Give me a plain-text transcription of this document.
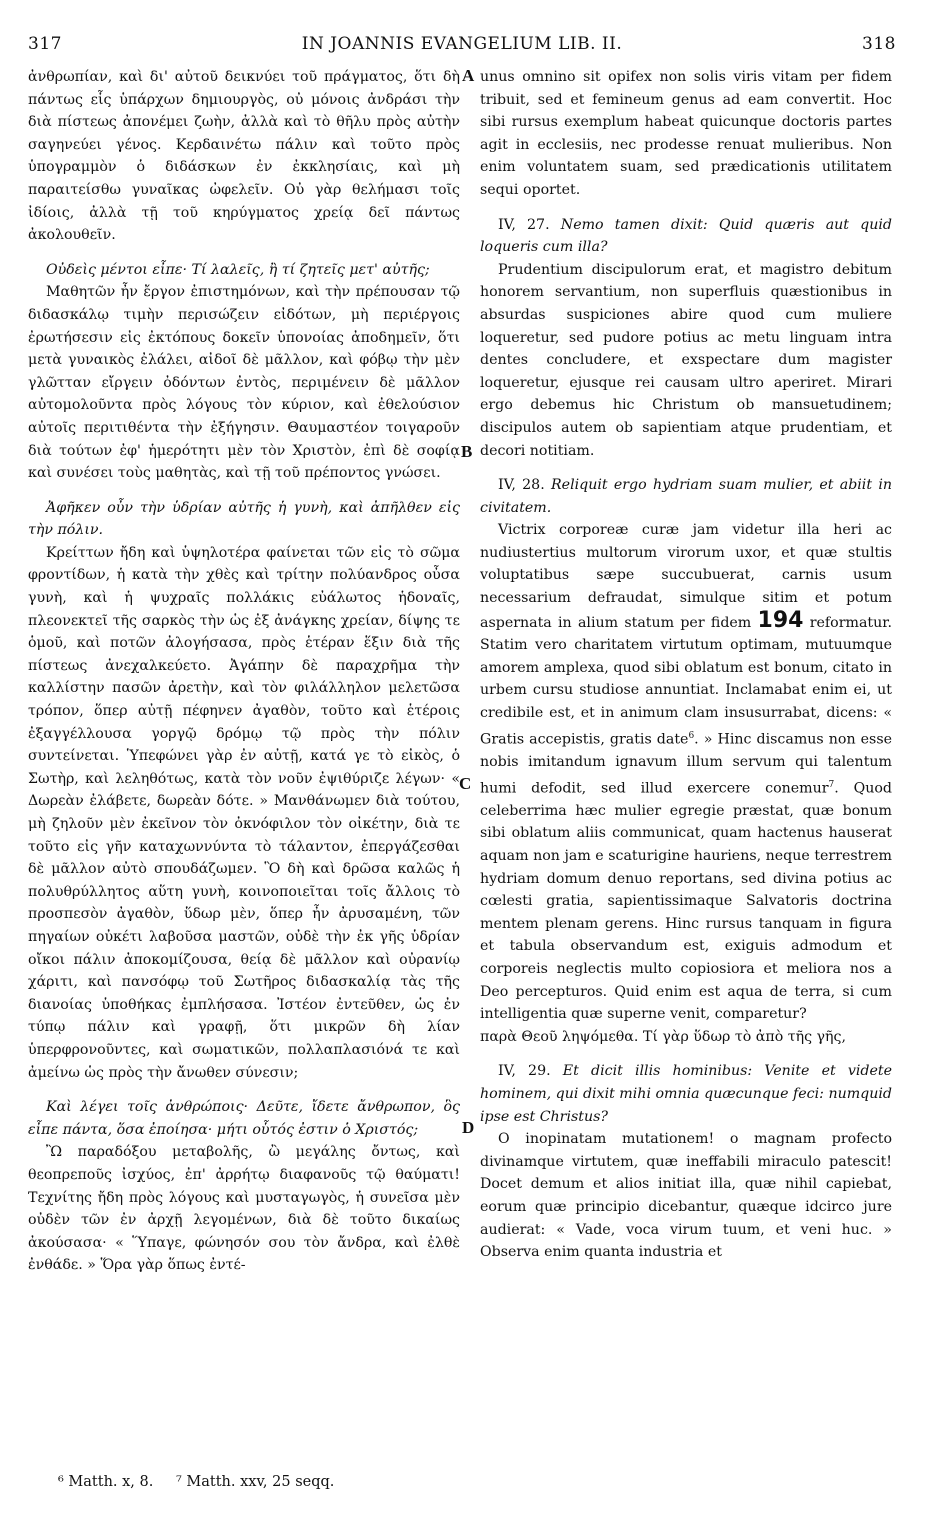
317	IN JOANNIS EVANGELIUM LIB. II.	318
A
B
C
D

ἀνθρωπίαν, καὶ δι' αὐτοῦ δεικνύει τοῦ πράγματος, ὅτι δὴ πάντως εἷς ὑπάρχων δημιουργὸς, οὐ μόνοις ἀνδράσι τὴν διὰ πίστεως ἀπονέμει ζωὴν, ἀλλὰ καὶ τὸ θῆλυ πρὸς αὐτὴν σαγηνεύει γένος. Κερδαινέτω πάλιν καὶ τοῦτο πρὸς ὑπογραμμὸν ὁ διδάσκων ἐν ἐκκλησίαις, καὶ μὴ παραιτείσθω γυναῖκας ὠφελεῖν. Οὐ γὰρ θελήμασι τοῖς ἰδίοις, ἀλλὰ τῇ τοῦ κηρύγματος χρείᾳ δεῖ πάντως ἀκολουθεῖν.

Οὐδεὶς μέντοι εἶπε· Τί λαλεῖς, ἢ τί ζητεῖς μετ' αὐτῆς;

Μαθητῶν ἦν ἔργον ἐπιστημόνων, καὶ τὴν πρέπουσαν τῷ διδασκάλῳ τιμὴν περισώζειν εἰδότων, μὴ περιέργοις ἐρωτήσεσιν εἰς ἐκτόπους δοκεῖν ὑπονοίας ἀποδημεῖν, ὅτι μετὰ γυναικὸς ἐλάλει, αἰδοῖ δὲ μᾶλλον, καὶ φόβῳ τὴν μὲν γλῶτταν εἴργειν ὀδόντων ἐντὸς, περιμένειν δὲ μᾶλλον αὐτομολοῦντα πρὸς λόγους τὸν κύριον, καὶ ἐθελούσιον αὐτοῖς περιτιθέντα τὴν ἐξήγησιν. Θαυμαστέον τοιγαροῦν διὰ τούτων ἐφ' ἡμερότητι μὲν τὸν Χριστὸν, ἐπὶ δὲ σοφίᾳ καὶ συνέσει τοὺς μαθητὰς, καὶ τῇ τοῦ πρέποντος γνώσει.

Ἀφῆκεν οὖν τὴν ὑδρίαν αὐτῆς ἡ γυνὴ, καὶ ἀπῆλθεν εἰς τὴν πόλιν.

Κρείττων ἤδη καὶ ὑψηλοτέρα φαίνεται τῶν εἰς τὸ σῶμα φροντίδων, ἡ κατὰ τὴν χθὲς καὶ τρίτην πολύανδρος οὖσα γυνὴ, καὶ ἡ ψυχραῖς πολλάκις εὐάλωτος ἡδοναῖς, πλεονεκτεῖ τῆς σαρκὸς τὴν ὡς ἐξ ἀνάγκης χρείαν, δίψης τε ὁμοῦ, καὶ ποτῶν ἀλογήσασα, πρὸς ἑτέραν ἕξιν διὰ τῆς πίστεως ἀνεχαλκεύετο. Ἀγάπην δὲ παραχρῆμα τὴν καλλίστην πασῶν ἀρετὴν, καὶ τὸν φιλάλληλον μελετῶσα τρόπον, ὅπερ αὐτῇ πέφηνεν ἀγαθὸν, τοῦτο καὶ ἑτέροις ἐξαγγέλλουσα γοργῷ δρόμῳ τῷ πρὸς τὴν πόλιν συντείνεται. Ὑπεφώνει γὰρ ἐν αὐτῇ, κατά γε τὸ εἰκὸς, ὁ Σωτὴρ, καὶ λεληθότως, κατὰ τὸν νοῦν ἐψιθύριζε λέγων· « Δωρεὰν ἐλάβετε, δωρεὰν δότε. » Μανθάνωμεν διὰ τούτου, μὴ ζηλοῦν μὲν ἐκεῖνον τὸν ὀκνόφιλον τὸν οἰκέτην, διὰ τε τοῦτο εἰς γῆν καταχωννύντα τὸ τάλαντον, ἐπεργάζεσθαι δὲ μᾶλλον αὐτὸ σπουδάζωμεν. Ὃ δὴ καὶ δρῶσα καλῶς ἡ πολυθρύλλητος αὕτη γυνὴ, κοινοποιεῖται τοῖς ἄλλοις τὸ προσπεσὸν ἀγαθὸν, ὕδωρ μὲν, ὅπερ ἦν ἀρυσαμένη, τῶν πηγαίων οὐκέτι λαβοῦσα μαστῶν, οὐδὲ τὴν ἐκ γῆς ὑδρίαν οἴκοι πάλιν ἀποκομίζουσα, θείᾳ δὲ μᾶλλον καὶ οὐρανίῳ χάριτι, καὶ πανσόφῳ τοῦ Σωτῆρος διδασκαλίᾳ τὰς τῆς διανοίας ὑποθήκας ἐμπλήσασα. Ἰστέον ἐντεῦθεν, ὡς ἐν τύπῳ πάλιν καὶ γραφῇ, ὅτι μικρῶν δὴ λίαν ὑπερφρονοῦντες, καὶ σωματικῶν, πολλαπλασιόνά τε καὶ ἀμείνω ὡς πρὸς τὴν ἄνωθεν σύνεσιν;

Καὶ λέγει τοῖς ἀνθρώποις· Δεῦτε, ἴδετε ἄνθρωπον, ὃς εἶπε πάντα, ὅσα ἐποίησα· μήτι οὗτός ἐστιν ὁ Χριστός;

Ὢ παραδόξου μεταβολῆς, ὢ μεγάλης ὄντως, καὶ θεοπρεποῦς ἰσχύος, ἐπ' ἀρρήτῳ διαφανοῦς τῷ θαύματι! Τεχνίτης ἤδη πρὸς λόγους καὶ μυσταγωγὸς, ἡ συνεῖσα μὲν οὐδὲν τῶν ἐν ἀρχῇ λεγομένων, διὰ δὲ τοῦτο δικαίως ἀκούσασα· « Ὕπαγε, φώνησόν σου τὸν ἄνδρα, καὶ ἐλθὲ ἐνθάδε. » Ὅρα γὰρ ὅπως ἐντέ-

unus omnino sit opifex non solis viris vitam per fidem tribuit, sed et femineum genus ad eam convertit. Hoc sibi rursus exemplum habeat quicunque doctoris partes agit in ecclesiis, nec prodesse renuat mulieribus. Non enim voluntatem suam, sed prædicationis utilitatem sequi oportet.

IV, 27. Nemo tamen dixit: Quid quæris aut quid loqueris cum illa?

Prudentium discipulorum erat, et magistro debitum honorem servantium, non superfluis quæstionibus in absurdas suspiciones abire quod cum muliere loqueretur, sed pudore potius ac metu linguam intra dentes concludere, et exspectare dum magister loqueretur, ejusque rei causam ultro aperiret. Mirari ergo debemus hic Christum ob mansuetudinem; discipulos autem ob sapientiam atque prudentiam, et decori notitiam.

IV, 28. Reliquit ergo hydriam suam mulier, et abiit in civitatem.

Victrix corporeæ curæ jam videtur illa heri ac nudiustertius multorum virorum uxor, et quæ stultis voluptatibus sæpe succubuerat, carnis usum necessarium defraudat, simulque sitim et potum aspernata in alium statum per fidem 194 reformatur. Statim vero charitatem virtutum optimam, mutuumque amorem amplexa, quod sibi oblatum est bonum, citato in urbem cursu studiose annuntiat. Inclamabat enim ei, ut credibile est, et in animum clam insusurrabat, dicens: « Gratis accepistis, gratis date$^6$. » Hinc discamus non esse nobis imitandum ignavum illum servum qui talentum humi defodit, sed illud exercere conemur$^7$. Quod celeberrima hæc mulier egregie præstat, quæ bonum sibi oblatum aliis communicat, quam hactenus hauserat aquam non jam e scaturigine hauriens, neque terrestrem hydriam domum denuo reportans, sed divina potius ac cœlesti gratia, sapientissimaque Salvatoris doctrina mentem plenam gerens. Hinc rursus tanquam in figura et tabula observandum est, exiguis admodum et corporeis neglectis multo copiosiora et meliora nos a Deo percepturos. Quid enim est aqua de terra, si cum intelligentia quæ superne venit, comparetur?

παρὰ Θεοῦ ληψόμεθα. Τί γὰρ ὕδωρ τὸ ἀπὸ τῆς γῆς,

IV, 29. Et dicit illis hominibus: Venite et videte hominem, qui dixit mihi omnia quæcunque feci: numquid ipse est Christus?

O inopinatam mutationem! o magnam profecto divinamque virtutem, quæ ineffabili miraculo patescit! Docet demum et alios initiat illa, quæ nihil capiebat, eorum quæ principio dicebantur, quæque idcirco jure audierat: « Vade, voca virum tuum, et veni huc. » Observa enim quanta industria et

⁶ Matth. x, 8. ⁷ Matth. xxv, 25 seqq.
